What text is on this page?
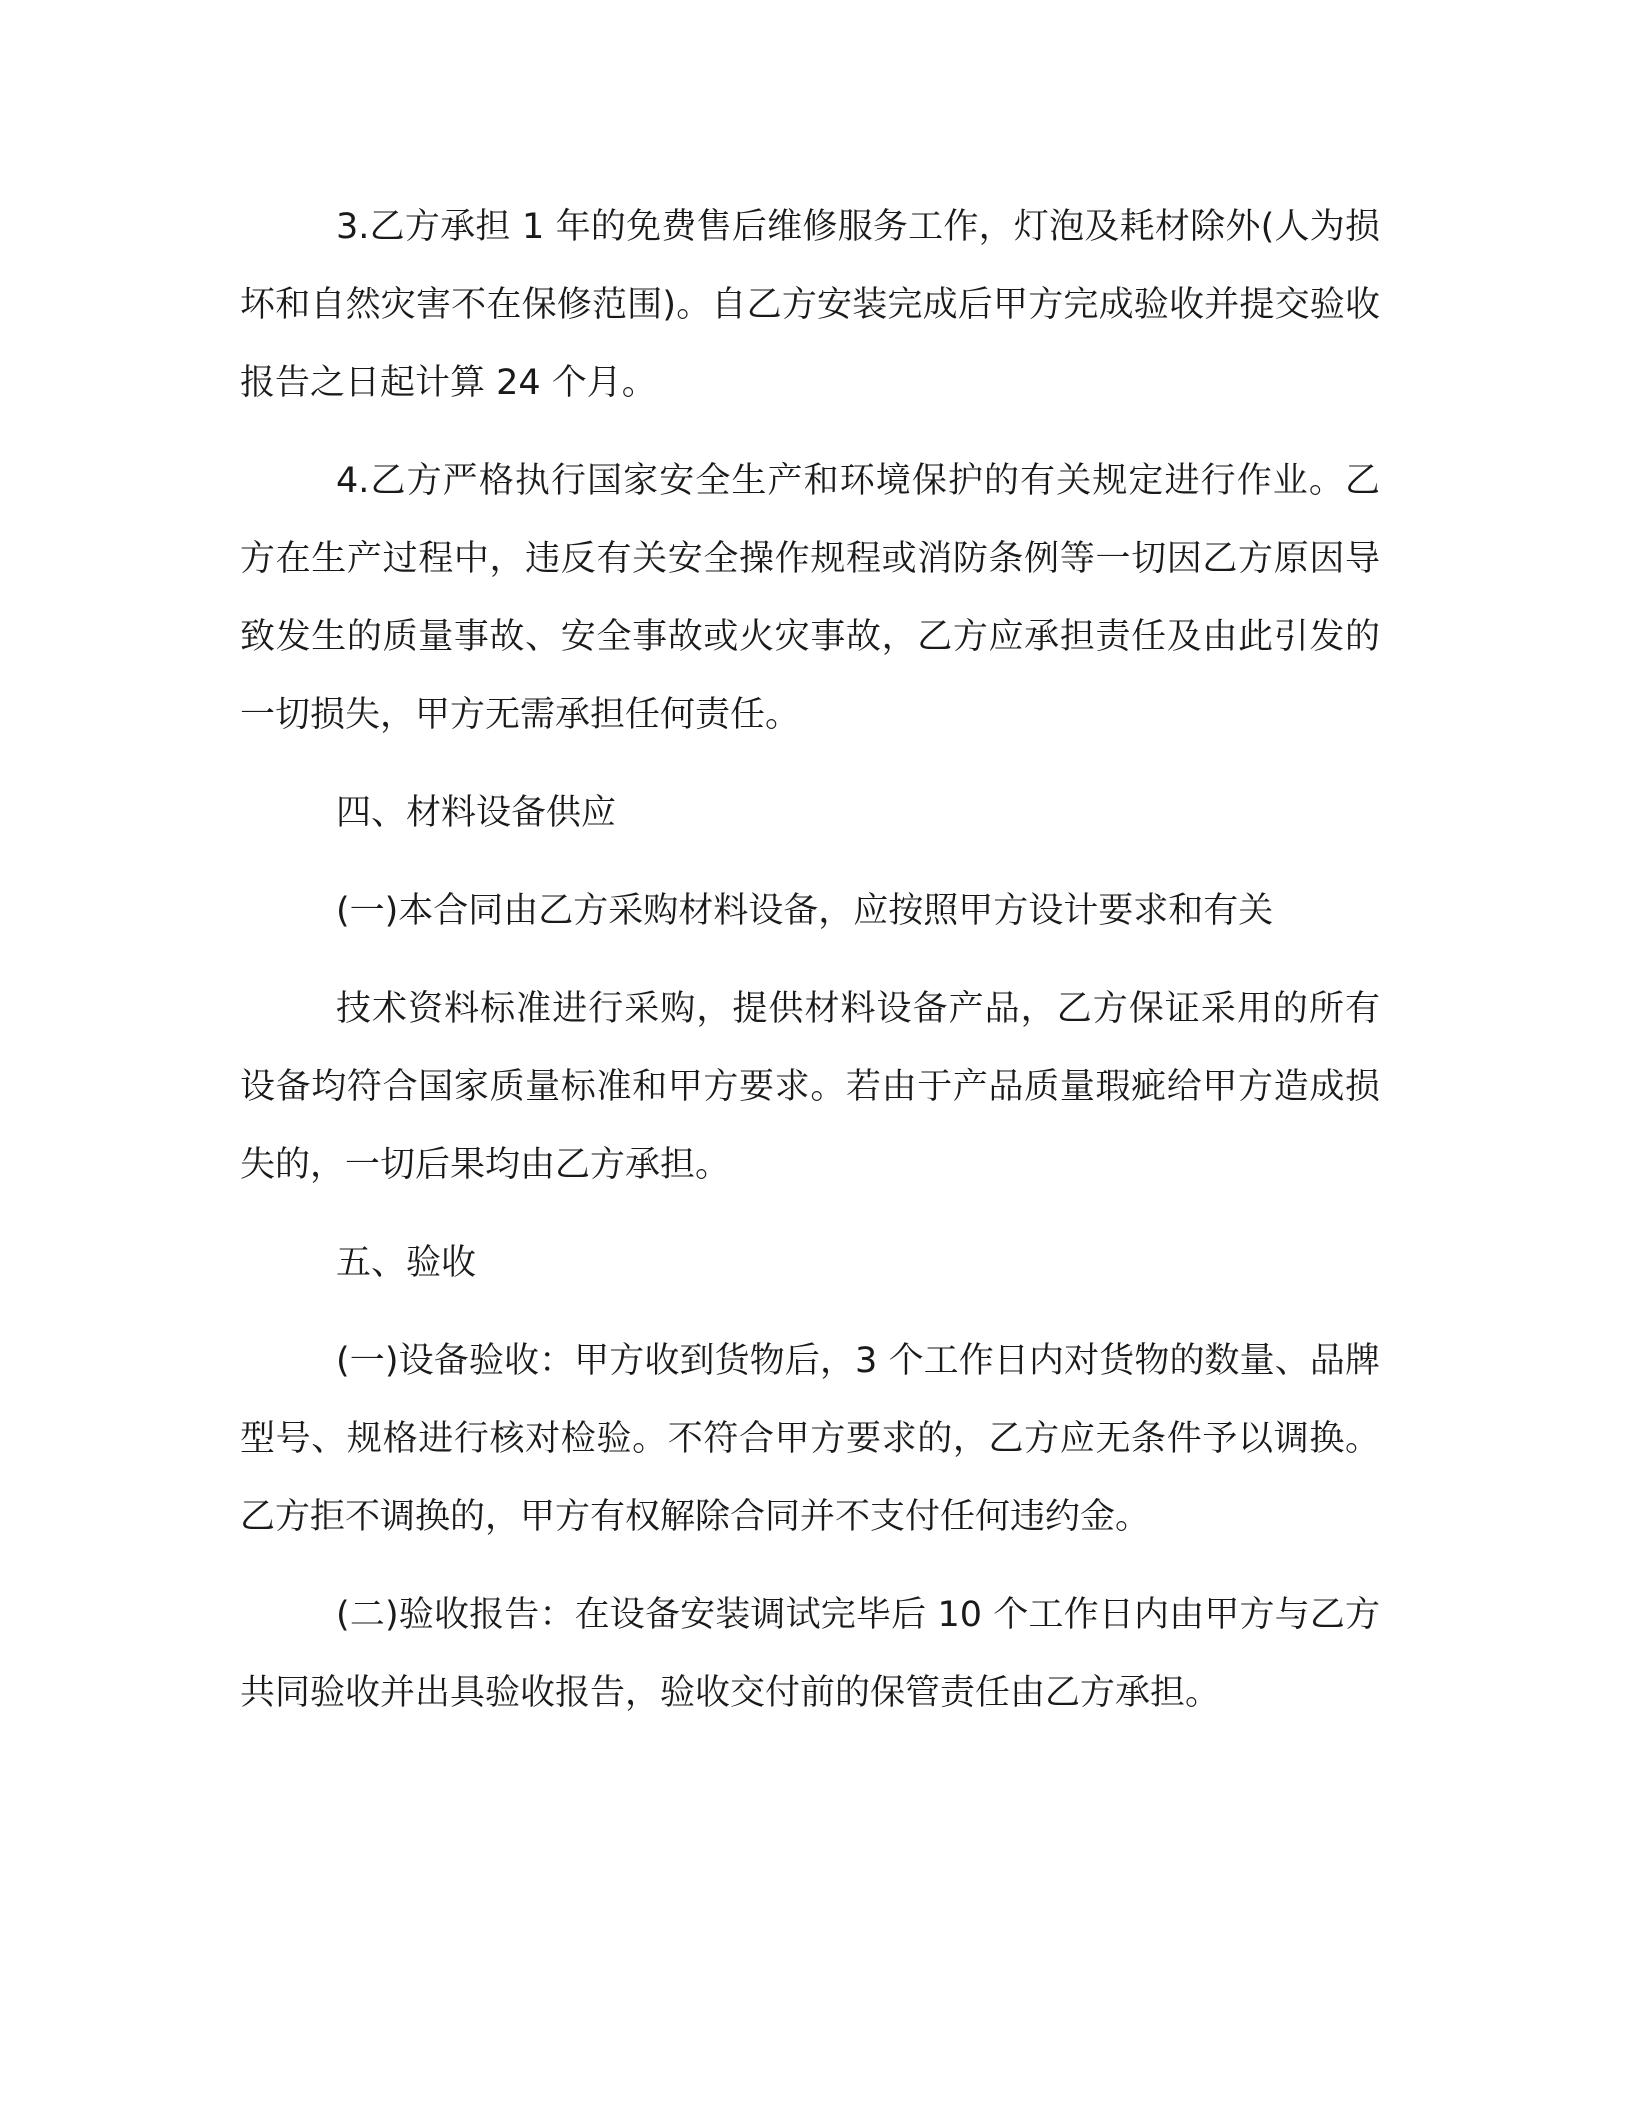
3.乙方承担 1 年的免费售后维修服务工作，灯泡及耗材除外(人为损坏和自然灾害不在保修范围)。自乙方安装完成后甲方完成验收并提交验收报告之日起计算 24 个月。

4.乙方严格执行国家安全生产和环境保护的有关规定进行作业。乙方在生产过程中，违反有关安全操作规程或消防条例等一切因乙方原因导致发生的质量事故、安全事故或火灾事故，乙方应承担责任及由此引发的一切损失，甲方无需承担任何责任。

四、材料设备供应

(一)本合同由乙方采购材料设备，应按照甲方设计要求和有关

技术资料标准进行采购，提供材料设备产品，乙方保证采用的所有设备均符合国家质量标准和甲方要求。若由于产品质量瑕疵给甲方造成损失的，一切后果均由乙方承担。

五、验收

(一)设备验收：甲方收到货物后，3 个工作日内对货物的数量、品牌型号、规格进行核对检验。不符合甲方要求的，乙方应无条件予以调换。乙方拒不调换的，甲方有权解除合同并不支付任何违约金。

(二)验收报告：在设备安装调试完毕后 10 个工作日内由甲方与乙方共同验收并出具验收报告，验收交付前的保管责任由乙方承担。
